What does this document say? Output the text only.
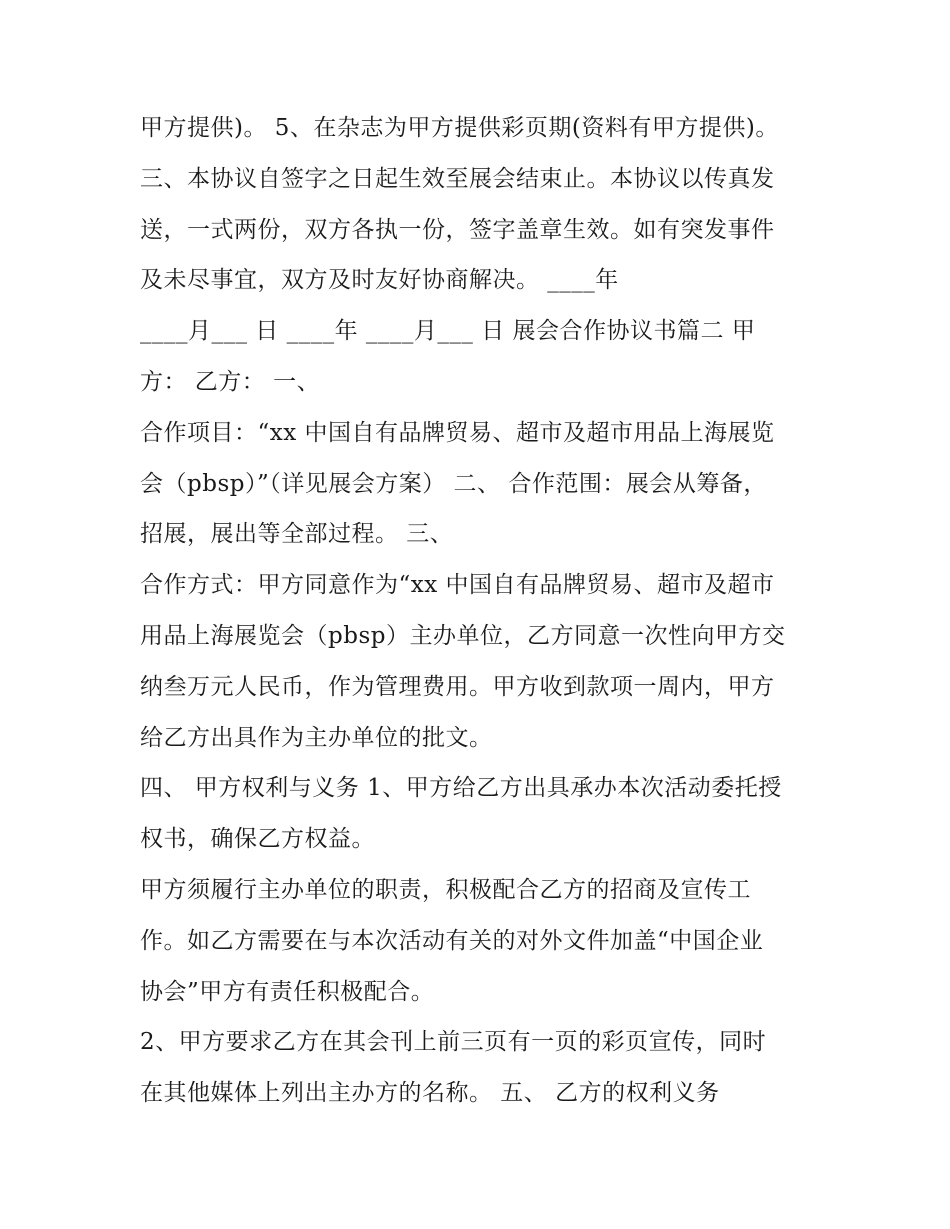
甲方提供)。 5、在杂志为甲方提供彩页期(资料有甲方提供)。
三、本协议自签字之日起生效至展会结束止。本协议以传真发
送，一式两份，双方各执一份，签字盖章生效。如有突发事件
及未尽事宜，双方及时友好协商解决。 ____年
____月___ 日 ____年 ____月___ 日 展会合作协议书篇二 甲
方： 乙方： 一、
合作项目：“xx 中国自有品牌贸易、超市及超市用品上海展览
会（pbsp）”（详见展会方案） 二、 合作范围：展会从筹备，
招展，展出等全部过程。 三、
合作方式：甲方同意作为“xx 中国自有品牌贸易、超市及超市
用品上海展览会（pbsp）主办单位，乙方同意一次性向甲方交
纳叁万元人民币，作为管理费用。甲方收到款项一周内，甲方
给乙方出具作为主办单位的批文。
四、 甲方权利与义务 1、甲方给乙方出具承办本次活动委托授
权书，确保乙方权益。
甲方须履行主办单位的职责，积极配合乙方的招商及宣传工
作。如乙方需要在与本次活动有关的对外文件加盖“中国企业
协会”甲方有责任积极配合。
2、甲方要求乙方在其会刊上前三页有一页的彩页宣传，同时
在其他媒体上列出主办方的名称。 五、 乙方的权利义务
